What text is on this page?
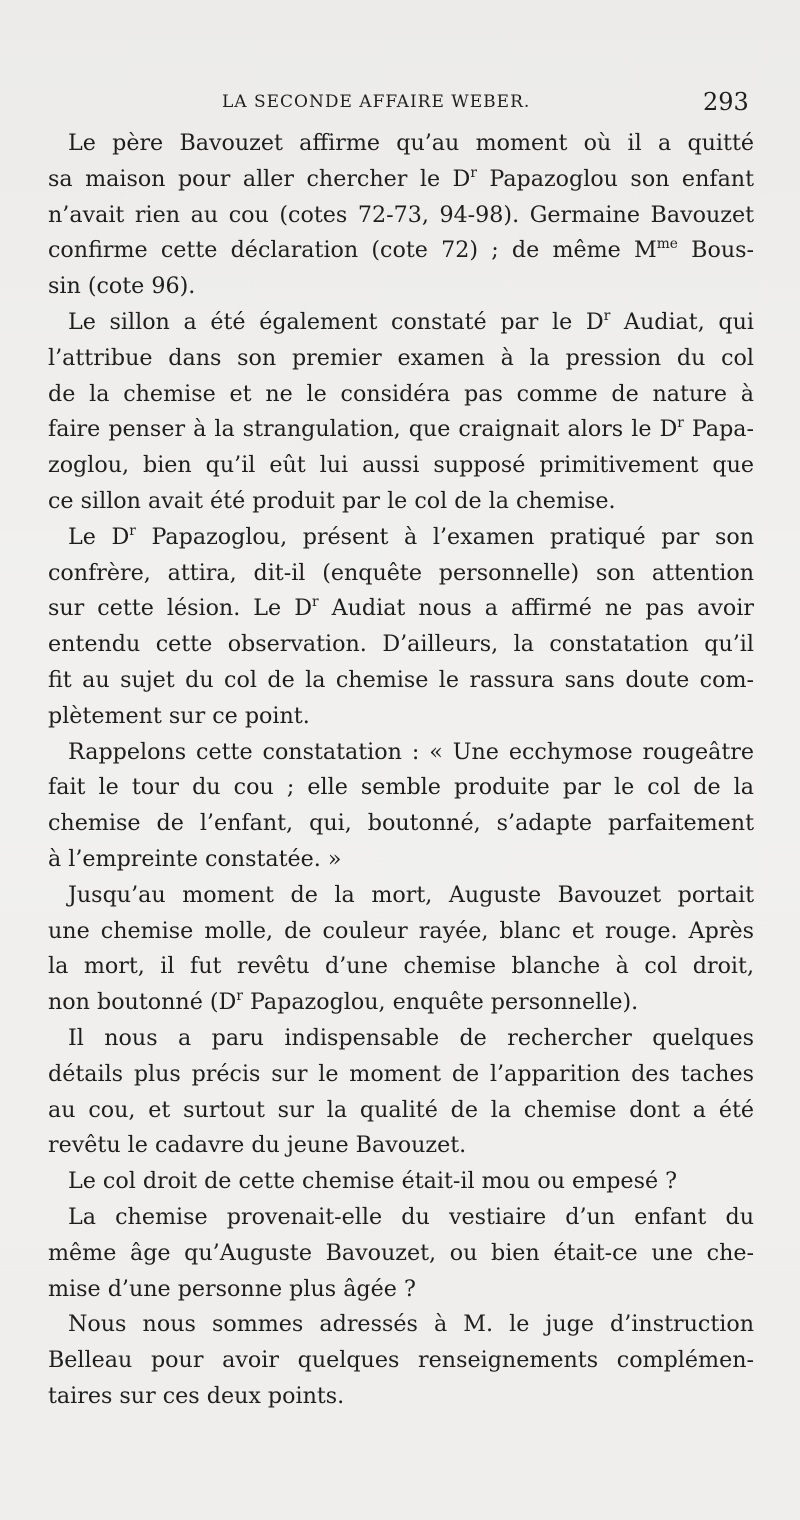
LA SECONDE AFFAIRE WEBER.	293
Le père Bavouzet affirme qu’au moment où il a quitté
sa maison pour aller chercher le $D^r$ Papazoglou son enfant
n’avait rien au cou (cotes 72-73, 94-98). Germaine Bavouzet
confirme cette déclaration (cote 72) ; de même $M^{me}$ Bous-
sin (cote 96).
Le sillon a été également constaté par le $D^r$ Audiat, qui
l’attribue dans son premier examen à la pression du col
de la chemise et ne le considéra pas comme de nature à
faire penser à la strangulation, que craignait alors le $D^r$ Papa-
zoglou, bien qu’il eût lui aussi supposé primitivement que
ce sillon avait été produit par le col de la chemise.
Le $D^r$ Papazoglou, présent à l’examen pratiqué par son
confrère, attira, dit-il (enquête personnelle) son attention
sur cette lésion. Le $D^r$ Audiat nous a affirmé ne pas avoir
entendu cette observation. D’ailleurs, la constatation qu’il
fit au sujet du col de la chemise le rassura sans doute com-
plètement sur ce point.
Rappelons cette constatation : « Une ecchymose rougeâtre
fait le tour du cou ; elle semble produite par le col de la
chemise de l’enfant, qui, boutonné, s’adapte parfaitement
à l’empreinte constatée. »
Jusqu’au moment de la mort, Auguste Bavouzet portait
une chemise molle, de couleur rayée, blanc et rouge. Après
la mort, il fut revêtu d’une chemise blanche à col droit,
non boutonné ($D^r$ Papazoglou, enquête personnelle).
Il nous a paru indispensable de rechercher quelques
détails plus précis sur le moment de l’apparition des taches
au cou, et surtout sur la qualité de la chemise dont a été
revêtu le cadavre du jeune Bavouzet.
Le col droit de cette chemise était-il mou ou empesé ?
La chemise provenait-elle du vestiaire d’un enfant du
même âge qu’Auguste Bavouzet, ou bien était-ce une che-
mise d’une personne plus âgée ?
Nous nous sommes adressés à M. le juge d’instruction
Belleau pour avoir quelques renseignements complémen-
taires sur ces deux points.
